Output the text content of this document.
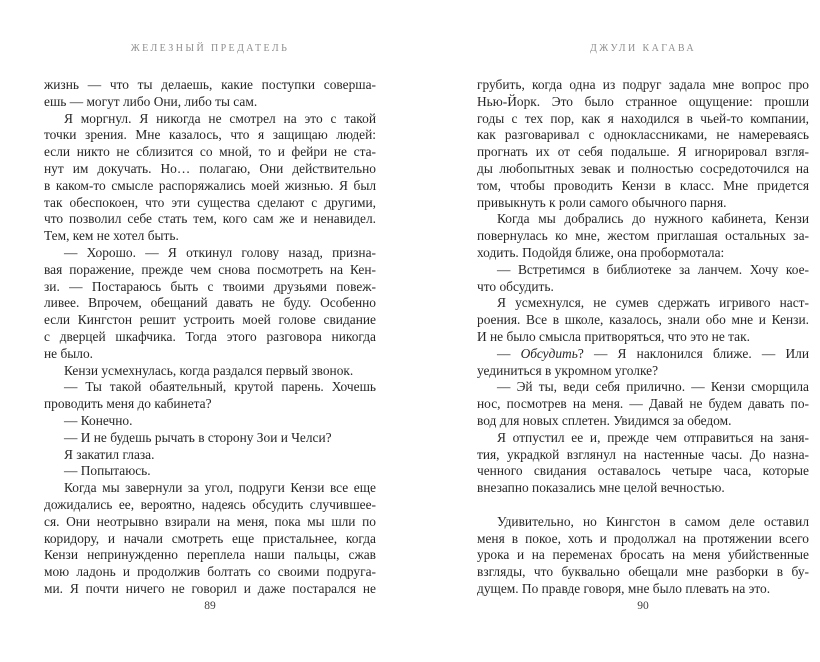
ЖЕЛЕЗНЫЙ ПРЕДАТЕЛЬ
жизнь — что ты делаешь, какие поступки соверша-
ешь — могут либо Они, либо ты сам.
Я моргнул. Я никогда не смотрел на это с такой
точки зрения. Мне казалось, что я защищаю людей:
если никто не сблизится со мной, то и фейри не ста-
нут им докучать. Но… полагаю, Они действительно
в каком-то смысле распоряжались моей жизнью. Я был
так обеспокоен, что эти существа сделают с другими,
что позволил себе стать тем, кого сам же и ненавидел.
Тем, кем не хотел быть.
— Хорошо. — Я откинул голову назад, призна-
вая поражение, прежде чем снова посмотреть на Кен-
зи. — Постараюсь быть с твоими друзьями повеж-
ливее. Впрочем, обещаний давать не буду. Особенно
если Кингстон решит устроить моей голове свидание
с дверцей шкафчика. Тогда этого разговора никогда
не было.
Кензи усмехнулась, когда раздался первый звонок.
— Ты такой обаятельный, крутой парень. Хочешь
проводить меня до кабинета?
— Конечно.
— И не будешь рычать в сторону Зои и Челси?
Я закатил глаза.
— Попытаюсь.
Когда мы завернули за угол, подруги Кензи все еще
дожидались ее, вероятно, надеясь обсудить случившее-
ся. Они неотрывно взирали на меня, пока мы шли по
коридору, и начали смотреть еще пристальнее, когда
Кензи непринужденно переплела наши пальцы, сжав
мою ладонь и продолжив болтать со своими подруга-
ми. Я почти ничего не говорил и даже постарался не
89
ДЖУЛИ КАГАВА
грубить, когда одна из подруг задала мне вопрос про
Нью-Йорк. Это было странное ощущение: прошли
годы с тех пор, как я находился в чьей-то компании,
как разговаривал с одноклассниками, не намереваясь
прогнать их от себя подальше. Я игнорировал взгля-
ды любопытных зевак и полностью сосредоточился на
том, чтобы проводить Кензи в класс. Мне придется
привыкнуть к роли самого обычного парня.
Когда мы добрались до нужного кабинета, Кензи
повернулась ко мне, жестом приглашая остальных за-
ходить. Подойдя ближе, она пробормотала:
— Встретимся в библиотеке за ланчем. Хочу кое-
что обсудить.
Я усмехнулся, не сумев сдержать игривого наст-
роения. Все в школе, казалось, знали обо мне и Кензи.
И не было смысла притворяться, что это не так.
— Обсудить? — Я наклонился ближе. — Или
уединиться в укромном уголке?
— Эй ты, веди себя прилично. — Кензи сморщила
нос, посмотрев на меня. — Давай не будем давать по-
вод для новых сплетен. Увидимся за обедом.
Я отпустил ее и, прежде чем отправиться на заня-
тия, украдкой взглянул на настенные часы. До назна-
ченного свидания оставалось четыре часа, которые
внезапно показались мне целой вечностью.

Удивительно, но Кингстон в самом деле оставил
меня в покое, хоть и продолжал на протяжении всего
урока и на переменах бросать на меня убийственные
взгляды, что буквально обещали мне разборки в бу-
дущем. По правде говоря, мне было плевать на это.
90
